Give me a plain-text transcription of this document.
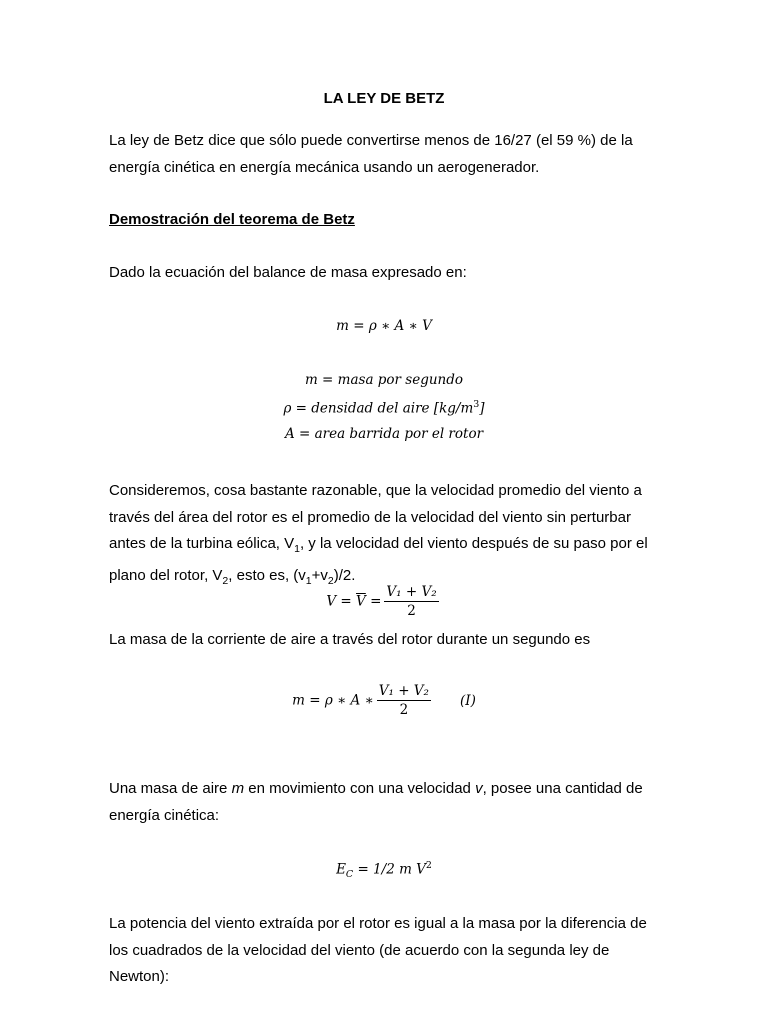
LA LEY DE BETZ

La ley de Betz dice que sólo puede convertirse menos de 16/27 (el 59 %) de la energía cinética en energía mecánica usando un aerogenerador.

Demostración del teorema de Betz

Dado la ecuación del balance de masa expresado en:

m = ρ ∗ A ∗ V
m = masa por segundo
ρ = densidad del aire $[kg/m^3]$
A = area barrida por el rotor

Consideremos, cosa bastante razonable, que la velocidad promedio del viento a través del área del rotor es el promedio de la velocidad del viento sin perturbar antes de la turbina eólica, $V_1$, y la velocidad del viento después de su paso por el plano del rotor, $V_2$, esto es, $(v_1+v_2)/2$.

$V = \overline{V} = \frac{\text{V₁ + V₂}}{2}$

La masa de la corriente de aire a través del rotor durante un segundo es

m = ρ ∗ A ∗ $\frac{\text{V₁ + V₂}}{2} (I)$

Una masa de aire m en movimiento con una velocidad v, posee una cantidad de energía cinética:

$E_C = 1/2$ m $V^2$

La potencia del viento extraída por el rotor es igual a la masa por la diferencia de los cuadrados de la velocidad del viento (de acuerdo con la segunda ley de Newton):
